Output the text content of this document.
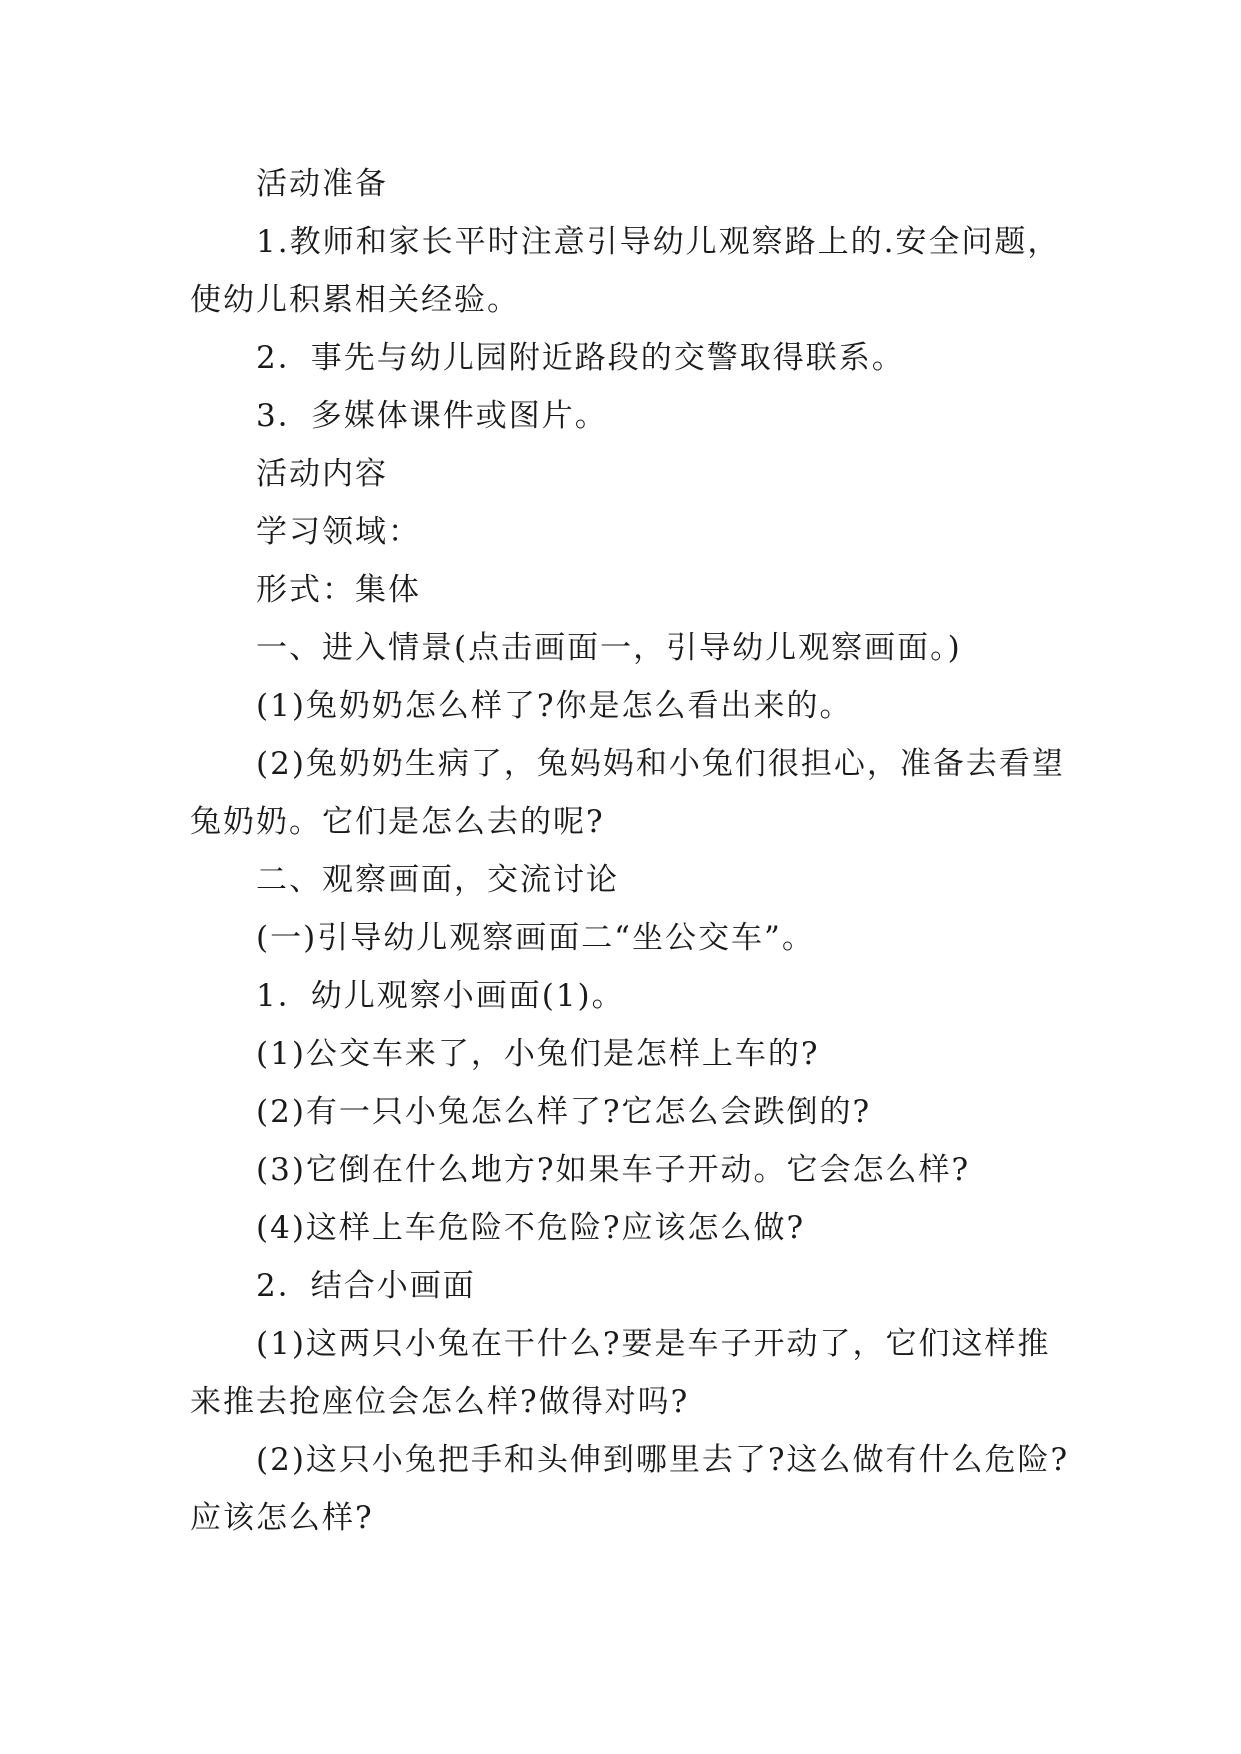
活动准备

1.教师和家长平时注意引导幼儿观察路上的.安全问题，使幼儿积累相关经验。

2．事先与幼儿园附近路段的交警取得联系。

3．多媒体课件或图片。

活动内容

学习领域：

形式：集体

一、进入情景(点击画面一，引导幼儿观察画面。)

(1)兔奶奶怎么样了?你是怎么看出来的。

(2)兔奶奶生病了，兔妈妈和小兔们很担心，准备去看望兔奶奶。它们是怎么去的呢?

二、观察画面，交流讨论

(一)引导幼儿观察画面二“坐公交车”。

1．幼儿观察小画面(1)。

(1)公交车来了，小兔们是怎样上车的?

(2)有一只小兔怎么样了?它怎么会跌倒的?

(3)它倒在什么地方?如果车子开动。它会怎么样?

(4)这样上车危险不危险?应该怎么做?

2．结合小画面

(1)这两只小兔在干什么?要是车子开动了，它们这样推来推去抢座位会怎么样?做得对吗?

(2)这只小兔把手和头伸到哪里去了?这么做有什么危险?应该怎么样?
